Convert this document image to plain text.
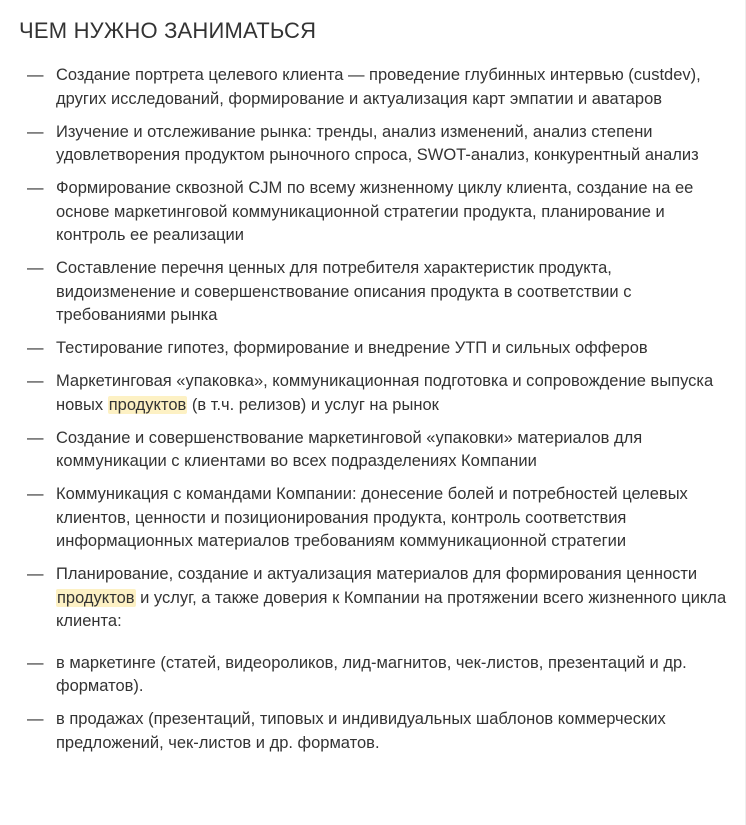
ЧЕМ НУЖНО ЗАНИМАТЬСЯ
— Создание портрета целевого клиента — проведение глубинных интервью (custdev), других исследований, формирование и актуализация карт эмпатии и аватаров
— Изучение и отслеживание рынка: тренды, анализ изменений, анализ степени удовлетворения продуктом рыночного спроса, SWOT-анализ, конкурентный анализ
— Формирование сквозной CJM по всему жизненному циклу клиента, создание на ее основе маркетинговой коммуникационной стратегии продукта, планирование и контроль ее реализации
— Составление перечня ценных для потребителя характеристик продукта, видоизменение и совершенствование описания продукта в соответствии с требованиями рынка
— Тестирование гипотез, формирование и внедрение УТП и сильных офферов
— Маркетинговая «упаковка», коммуникационная подготовка и сопровождение выпуска новых продуктов (в т.ч. релизов) и услуг на рынок
— Создание и совершенствование маркетинговой «упаковки» материалов для коммуникации с клиентами во всех подразделениях Компании
— Коммуникация с командами Компании: донесение болей и потребностей целевых клиентов, ценности и позиционирования продукта, контроль соответствия информационных материалов требованиям коммуникационной стратегии
— Планирование, создание и актуализация материалов для формирования ценности продуктов и услуг, а также доверия к Компании на протяжении всего жизненного цикла клиента:
— в маркетинге (статей, видеороликов, лид-магнитов, чек-листов, презентаций и др. форматов).
— в продажах (презентаций, типовых и индивидуальных шаблонов коммерческих предложений, чек-листов и др. форматов.
